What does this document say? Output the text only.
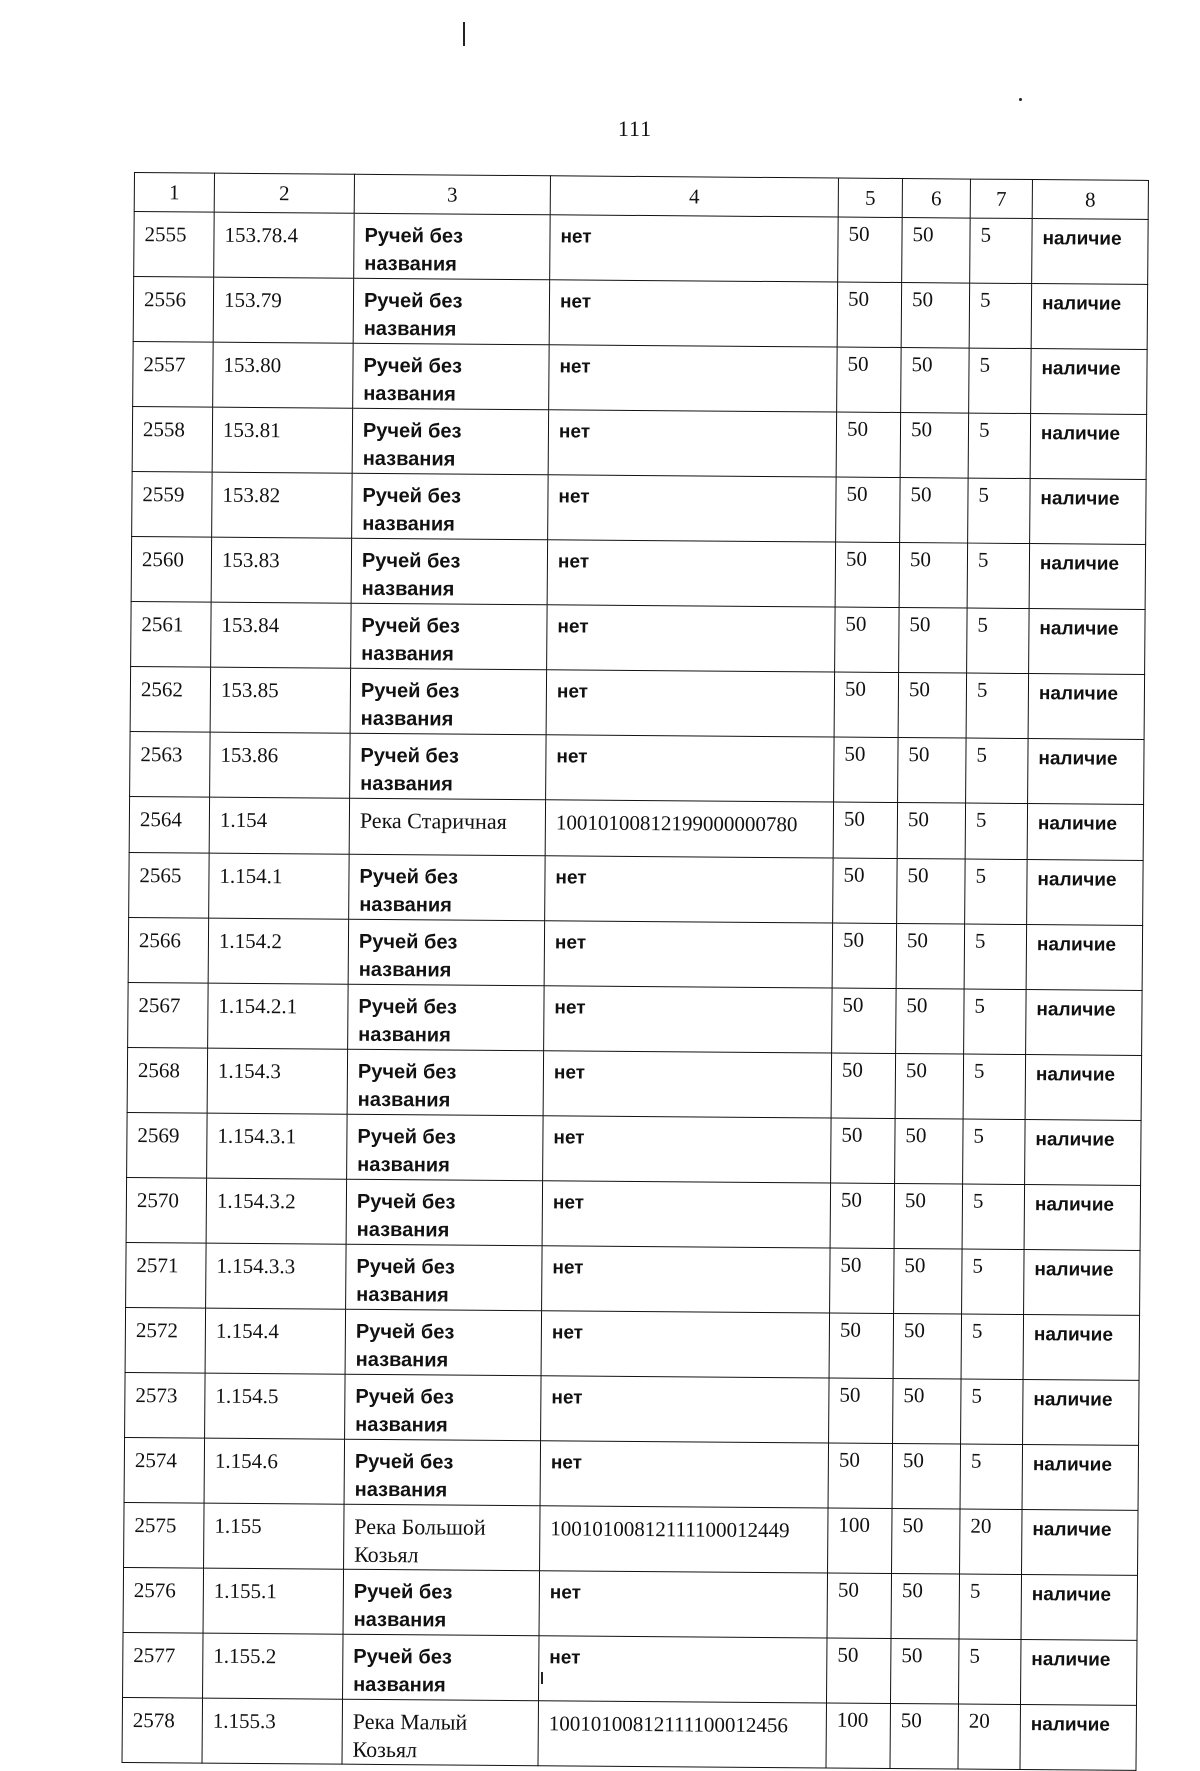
111
1	2	3	4	5	6	7	8

2555	153.78.4	Ручей без названия	нет	50	50	5	наличие

2556	153.79	Ручей без названия	нет	50	50	5	наличие

2557	153.80	Ручей без названия	нет	50	50	5	наличие

2558	153.81	Ручей без названия	нет	50	50	5	наличие

2559	153.82	Ручей без названия	нет	50	50	5	наличие

2560	153.83	Ручей без названия	нет	50	50	5	наличие

2561	153.84	Ручей без названия	нет	50	50	5	наличие

2562	153.85	Ручей без названия	нет	50	50	5	наличие

2563	153.86	Ручей без названия	нет	50	50	5	наличие

2564	1.154	Река Старичная	10010100812199000000780	50	50	5	наличие

2565	1.154.1	Ручей без названия	нет	50	50	5	наличие

2566	1.154.2	Ручей без названия	нет	50	50	5	наличие

2567	1.154.2.1	Ручей без названия	нет	50	50	5	наличие

2568	1.154.3	Ручей без названия	нет	50	50	5	наличие

2569	1.154.3.1	Ручей без названия	нет	50	50	5	наличие

2570	1.154.3.2	Ручей без названия	нет	50	50	5	наличие

2571	1.154.3.3	Ручей без названия	нет	50	50	5	наличие

2572	1.154.4	Ручей без названия	нет	50	50	5	наличие

2573	1.154.5	Ручей без названия	нет	50	50	5	наличие

2574	1.154.6	Ручей без названия	нет	50	50	5	наличие

2575	1.155	Река Большой Козьял	10010100812111100012449	100	50	20	наличие

2576	1.155.1	Ручей без названия	нет	50	50	5	наличие

2577	1.155.2	Ручей без названия	нет	50	50	5	наличие

2578	1.155.3	Река Малый Козьял	10010100812111100012456	100	50	20	наличие
